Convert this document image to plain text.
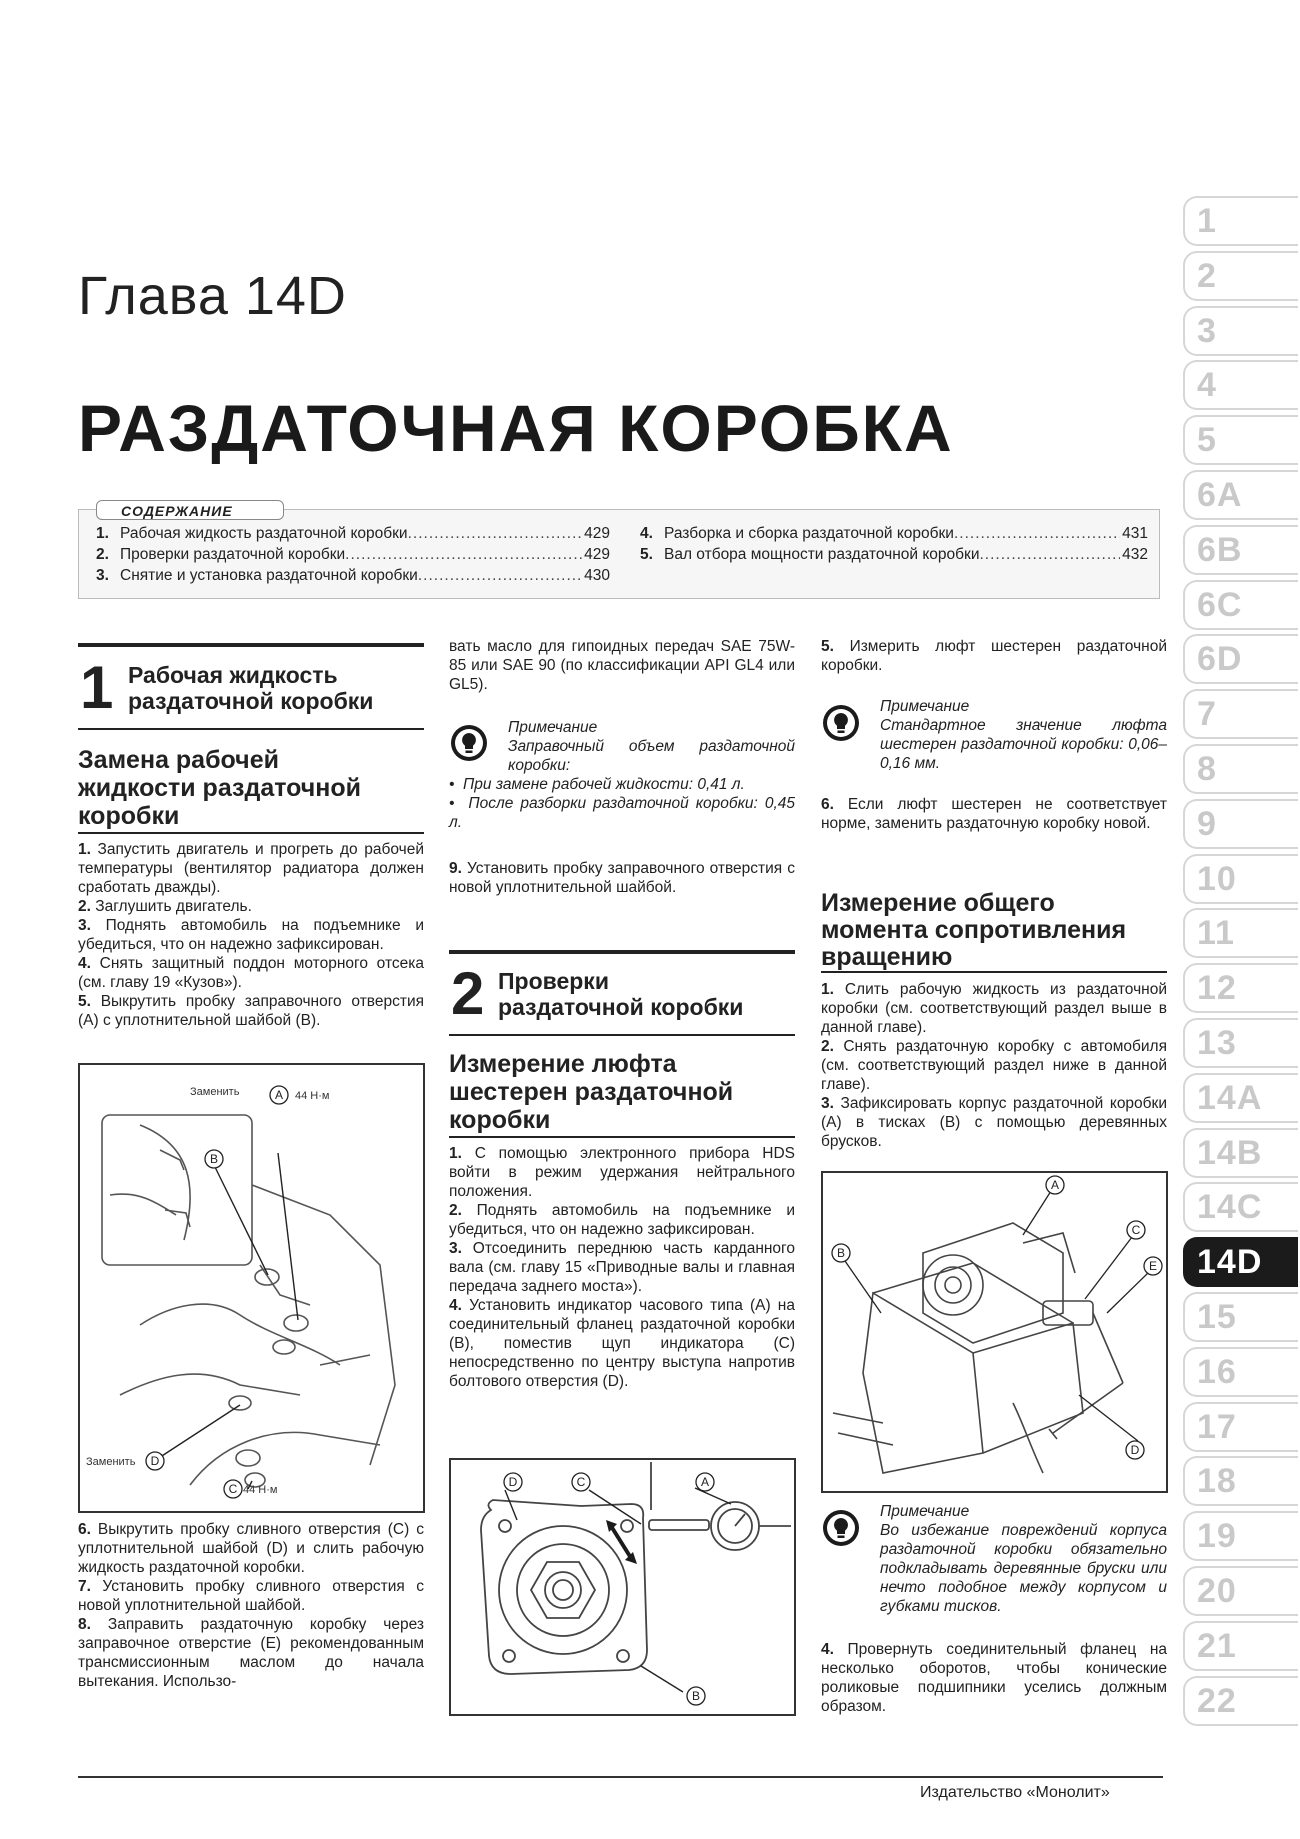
Глава 14D
РАЗДАТОЧНАЯ КОРОБКА
СОДЕРЖАНИЕ
1. Рабочая жидкость раздаточной коробки .....	429
2. Проверки раздаточной коробки .....	429
3. Снятие и установка раздаточной коробки .....	430
4. Разборка и сборка раздаточной коробки .....	431
5. Вал отбора мощности раздаточной коробки .....	432
1 Рабочая жидкость
раздаточной коробки
Замена рабочей
жидкости раздаточной
коробки

1. Запустить двигатель и прогреть до рабочей температуры (вентилятор радиатора должен сработать дважды).

2. Заглушить двигатель.

3. Поднять автомобиль на подъемнике и убедиться, что он надежно зафиксирован.

4. Снять защитный поддон моторного отсека (см. главу 19 «Кузов»).

5. Выкрутить пробку заправочного отверстия (A) с уплотнительной шайбой (B).

Заменить	44 Н·м
Заменить
44 Н·м
B
A
D
C

6. Выкрутить пробку сливного отверстия (C) с уплотнительной шайбой (D) и слить рабочую жидкость раздаточной коробки.

7. Установить пробку сливного отверстия с новой уплотнительной шайбой.

8. Заправить раздаточную коробку через заправочное отверстие (E) рекомендованным трансмиссионным маслом до начала вытекания. Использо-

вать масло для гипоидных передач SAE 75W-85 или SAE 90 (по классификации API GL4 или GL5).

Примечание

Заправочный объем раздаточной коробки:

•  При замене рабочей жидкости: 0,41 л.

•  После разборки раздаточной коробки: 0,45 л.

9. Установить пробку заправочного отверстия с новой уплотнительной шайбой.

2 Проверки
раздаточной коробки
Измерение люфта
шестерен раздаточной
коробки

1. С помощью электронного прибора HDS войти в режим удержания нейтрального положения.

2. Поднять автомобиль на подъемнике и убедиться, что он надежно зафиксирован.

3. Отсоединить переднюю часть карданного вала (см. главу 15 «Приводные валы и главная передача заднего моста»).

4. Установить индикатор часового типа (A) на соединительный фланец раздаточной коробки (B), поместив щуп индикатора (C) непосредственно по центру выступа напротив болтового отверстия (D).

D	C	A
B

5. Измерить люфт шестерен раздаточной коробки.

Примечание

Стандартное значение люфта шестерен раздаточной коробки: 0,06–0,16 мм.

6. Если люфт шестерен не соответствует норме, заменить раздаточную коробку новой.

Измерение общего
момента сопротивления
вращению

1. Слить рабочую жидкость из раздаточной коробки (см. соответствующий раздел выше в данной главе).

2. Снять раздаточную коробку с автомобиля (см. соответствующий раздел ниже в данной главе).

3. Зафиксировать корпус раздаточной коробки (A) в тисках (B) с помощью деревянных брусков.

A
B
C
E
D

Примечание

Во избежание повреждений корпуса раздаточной коробки обязательно подкладывать деревянные бруски или нечто подобное между корпусом и губками тисков.

4. Провернуть соединительный фланец на несколько оборотов, чтобы конические роликовые подшипники уселись должным образом.

1
2
3
4
5
6A
6B
6C
6D
7
8
9
10
11
12
13
14A
14B
14C
14D
15
16
17
18
19
20
21
22
Издательство «Монолит»
